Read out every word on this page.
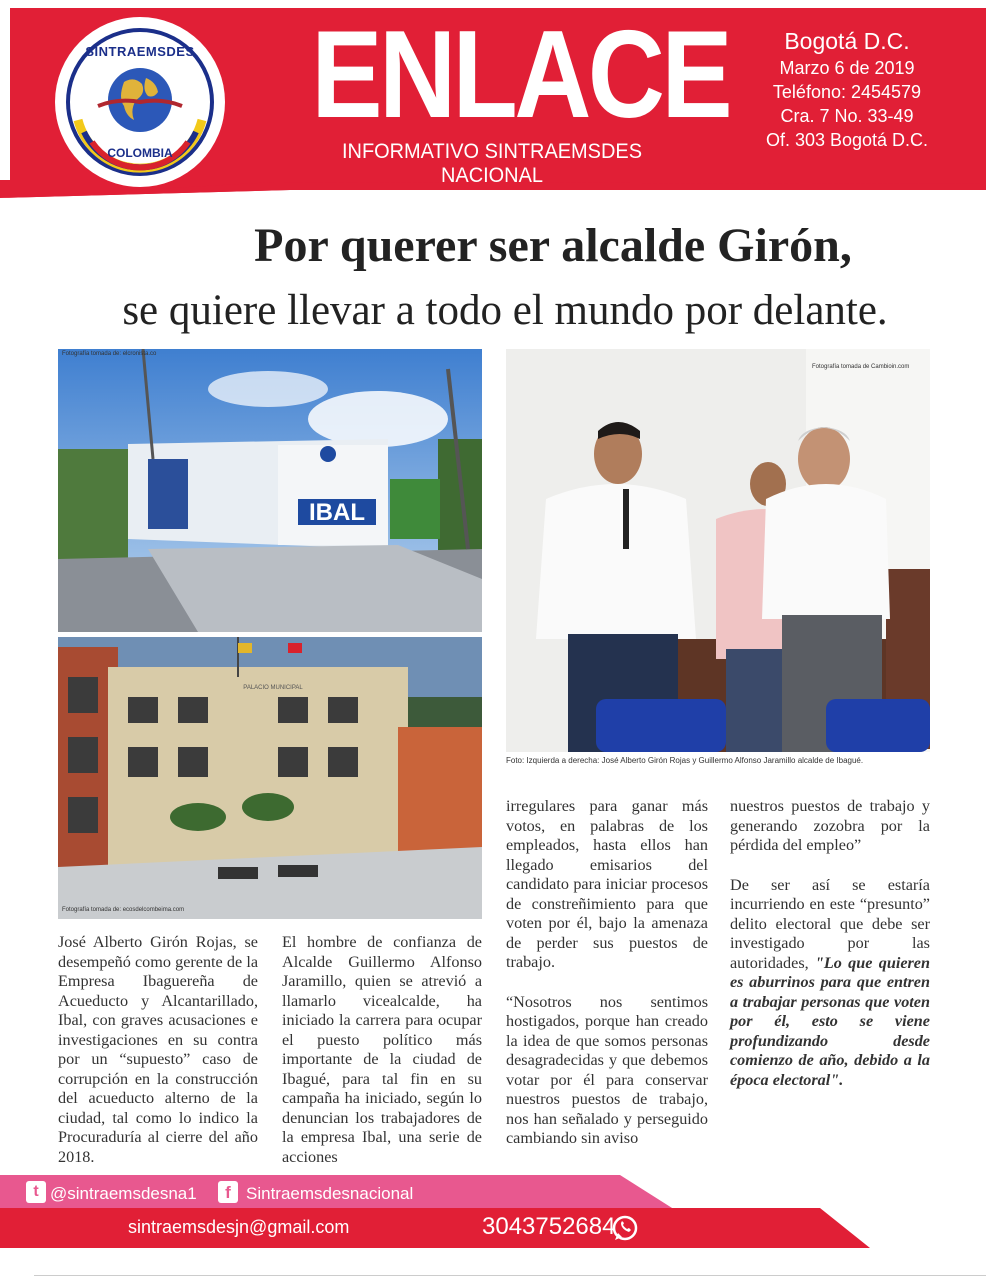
SINTRAEMSDES
COLOMBIA
ENLACE
INFORMATIVO SINTRAEMSDES NACIONAL
Bogotá D.C.
Marzo 6 de 2019
Teléfono: 2454579
Cra. 7 No. 33-49
Of. 303 Bogotá D.C.
Por querer ser alcalde Girón,
se quiere llevar a todo el mundo por delante.
IBAL
Fotografía tomada de: elcronista.co
PALACIO MUNICIPAL
Fotografía tomada de: ecosdelcombeima.com
Fotografía tomada de Cambioin.com
Foto: Izquierda a derecha: José Alberto Girón Rojas y Guillermo Alfonso Jaramillo alcalde de Ibagué.

José Alberto Girón Rojas, se desempeñó como gerente de la Empresa Ibaguereña de Acueducto y Alcantarillado, Ibal, con graves acusaciones e investigaciones en su contra por un “supuesto” caso de corrupción en la construcción del acueducto alterno de la ciudad, tal como lo indico la Procuraduría al cierre del año 2018.

El hombre de confianza de Alcalde Guillermo Alfonso Jaramillo, quien se atrevió a llamarlo vicealcalde, ha iniciado la carrera para ocupar el puesto político más importante de la ciudad de Ibagué, para tal fin en su campaña ha iniciado, según lo denuncian los trabajadores de la empresa Ibal, una serie de acciones

irregulares para ganar más votos, en palabras de los empleados, hasta ellos han llegado emisarios del candidato para iniciar procesos de constreñimiento para que voten por él, bajo la amenaza de perder sus puestos de trabajo.

“Nosotros nos sentimos hostigados, porque han creado la idea de que somos personas desagradecidas y que debemos votar por él para conservar nuestros puestos de trabajo, nos han señalado y perseguido cambiando sin aviso

nuestros puestos de trabajo y generando zozobra por la pérdida del empleo”

De ser así se estaría incurriendo en este “presunto” delito electoral que debe ser investigado por las autoridades, "Lo que quieren es aburrinos para que entren a trabajar personas que voten por él, esto se viene profundizando desde comienzo de año, debido a la época electoral".

t @sintraemsdesna1	f Sintraemsdesnacional
sintraemsdesjn@gmail.com	3043752684
